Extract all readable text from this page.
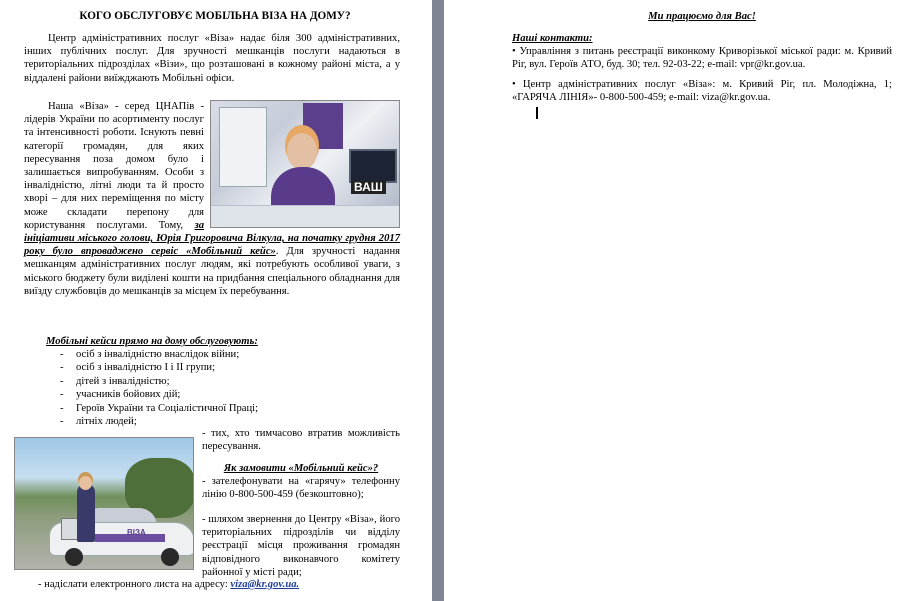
КОГО ОБСЛУГОВУЄ МОБІЛЬНА ВІЗА НА ДОМУ?
Центр адміністративних послуг «Віза» надає біля 300 адміністративних, інших публічних послуг. Для зручності мешканців послуги надаються в територіальних підрозділах «Візи», що розташовані в кожному районі міста, а у віддалені райони виїжджають Мобільні офіси.
ВАШ
Наша «Віза» - серед ЦНАПів - лідерів України по асортименту послуг та інтенсивності роботи. Існують певні категорії громадян, для яких пересування поза домом було і залишається випробуванням. Особи з інвалідністю, літні люди та й просто хворі – для них переміщення по місту може складати перепону для користування послугами. Тому, за ініціативи міського голови, Юрія Григоровича Вілкула, на початку грудня 2017 року було впроваджено сервіс «Мобільний кейс». Для зручності надання мешканцям адміністративних послуг людям, які потребують особливої уваги, з міського бюджету були виділені кошти на придбання спеціального обладнання для виїзду службовців до мешканців за місцем їх перебування.
Мобільні кейси прямо на дому обслуговують:
- осіб з інвалідністю внаслідок війни;
- осіб з інвалідністю I і II групи;
- дітей з інвалідністю;
- учасників бойових дій;
- Героїв України та Соціалістичної Праці;
- літніх людей;
ВІЗА
- тих, хто тимчасово втратив можливість пересування.
Як замовити «Мобільний кейс»?
- зателефонувати на «гарячу» телефонну лінію 0-800-500-459 (безкоштовно);
- шляхом звернення до Центру «Віза», його територіальних підрозділів чи відділу реєстрації місця проживання громадян відповідного виконавчого комітету районної у місті ради;
- надіслати електронного листа на адресу: viza@kr.gov.ua.
Ми працюємо для Вас!
Наші контакти:
• Управління з питань реєстрації виконкому Криворізької міської ради: м. Кривий Ріг, вул. Героїв АТО, буд. 30; тел. 92-03-22; e-mail: vpr@kr.gov.ua.
• Центр адміністративних послуг «Віза»: м. Кривий Ріг, пл. Молодіжна, 1; «ГАРЯЧА ЛІНІЯ»- 0-800-500-459; e-mail: viza@kr.gov.ua.
